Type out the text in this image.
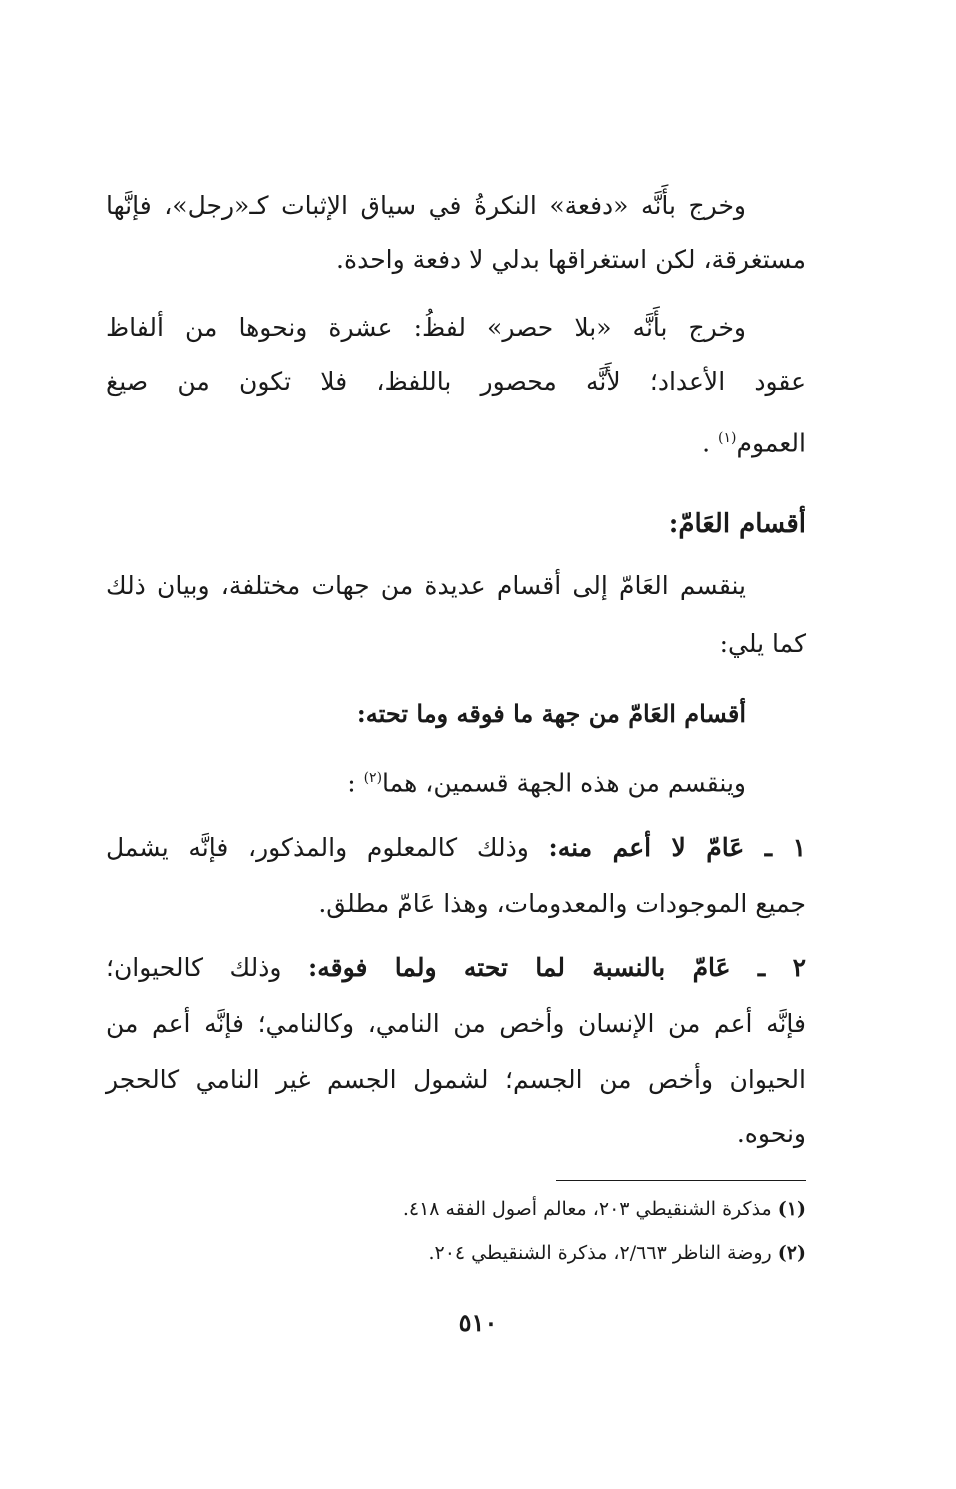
وخرج بأَنَّه «دفعة» النكرةُ في سياق الإثبات كـ«رجل»، فإنَّها
مستغرقة، لكن استغراقها بدلي لا دفعة واحدة.
وخرج بأَنَّه «بلا حصر» لفظُ: عشرة ونحوها من ألفاظ
عقود الأعداد؛ لأَنَّه محصور باللفظ، فلا تكون من صيغ
العموم$^{(١)}$ .
أقسام العَامّ:
ينقسم العَامّ إلى أقسام عديدة من جهات مختلفة، وبيان ذلك
كما يلي:
أقسام العَامّ من جهة ما فوقه وما تحته:
وينقسم من هذه الجهة قسمين، هما$^{(٢)}$ :
١ ـ عَامّ لا أعم منه: وذلك كالمعلوم والمذكور، فإنَّه يشمل
جميع الموجودات والمعدومات، وهذا عَامّ مطلق.
٢ ـ عَامّ بالنسبة لما تحته ولما فوقه: وذلك كالحيوان؛
فإنَّه أعم من الإنسان وأخص من النامي، وكالنامي؛ فإنَّه أعم من
الحيوان وأخص من الجسم؛ لشمول الجسم غير النامي كالحجر
ونحوه.
(١) مذكرة الشنقيطي ٢٠٣، معالم أصول الفقه ٤١٨.
(٢) روضة الناظر ٢/٦٦٣، مذكرة الشنقيطي ٢٠٤.
٥١٠
